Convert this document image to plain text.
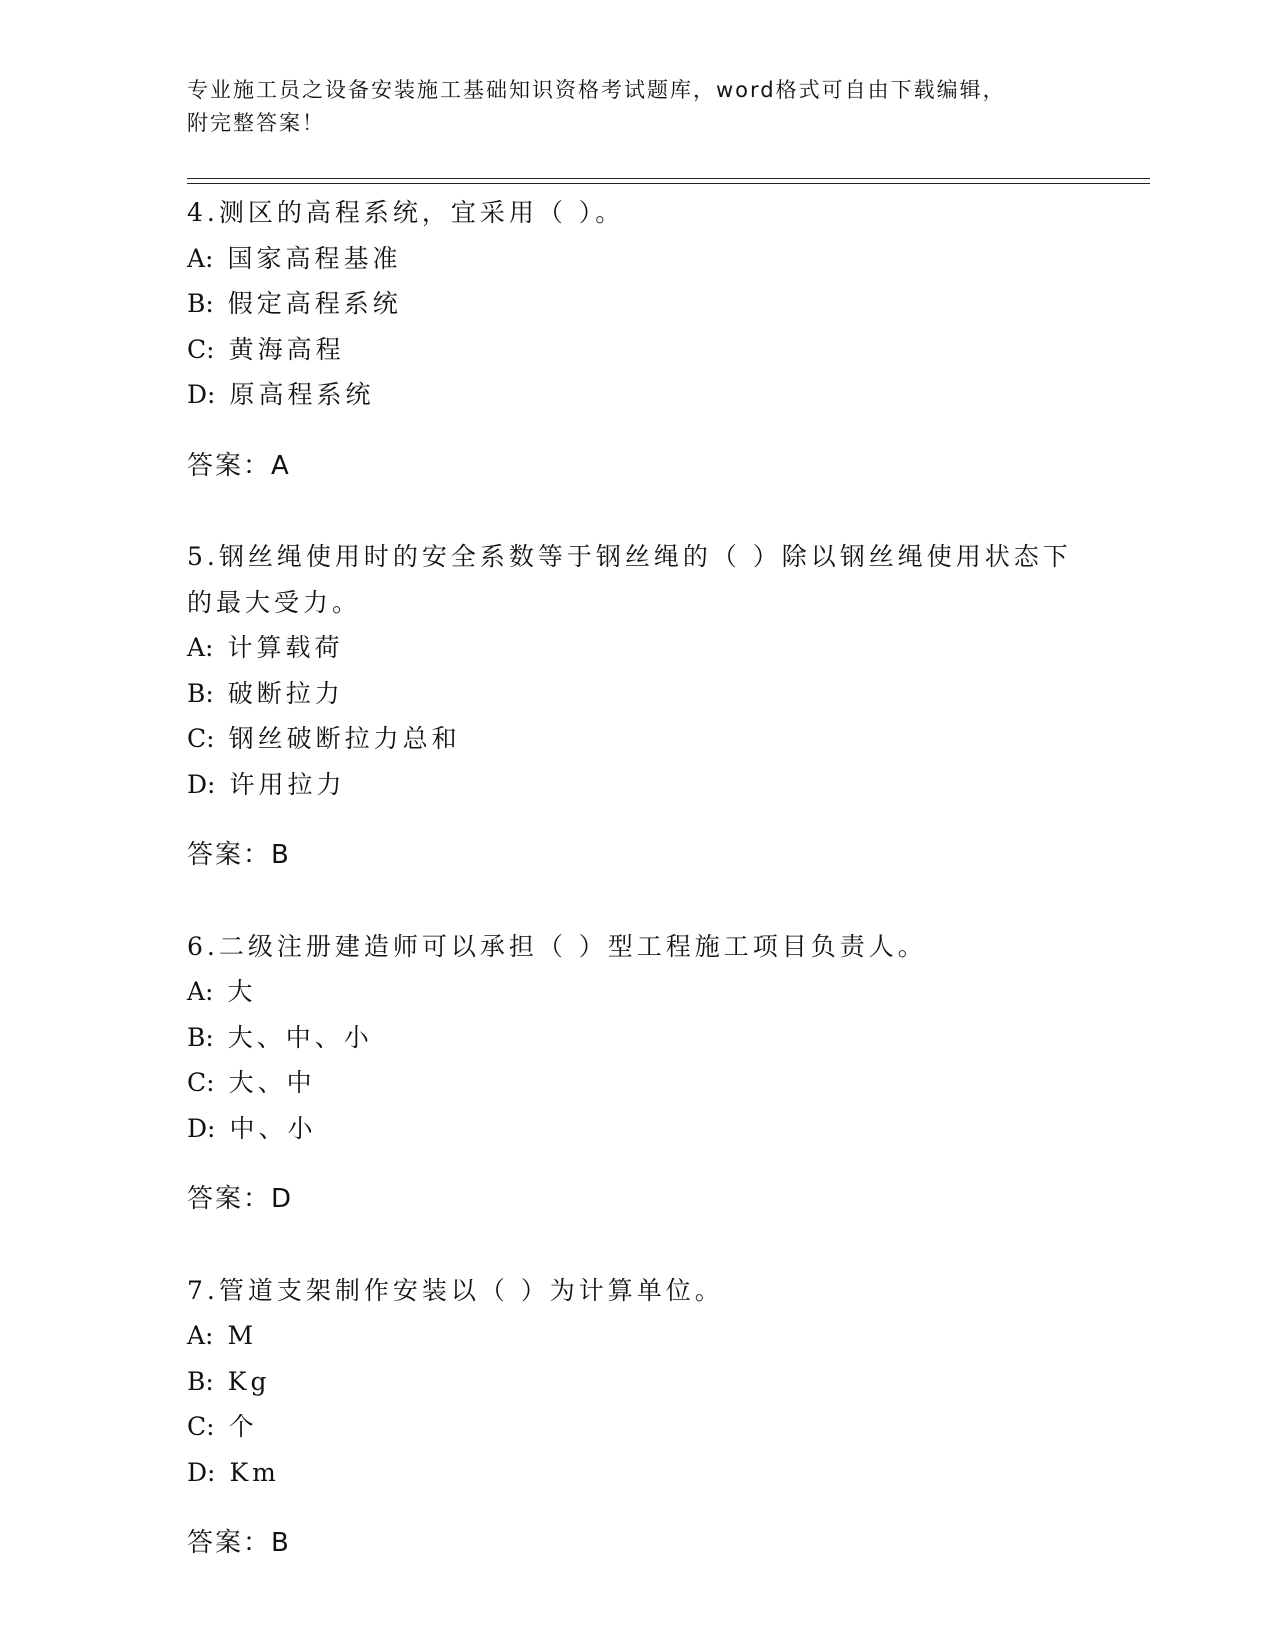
专业施工员之设备安装施工基础知识资格考试题库，word格式可自由下载编辑，
附完整答案！

4.测区的高程系统，宜采用（ ）。

A: 国家高程基准

B: 假定高程系统

C: 黄海高程

D: 原高程系统

答案：A

5.钢丝绳使用时的安全系数等于钢丝绳的（ ）除以钢丝绳使用状态下的最大受力。

A: 计算载荷

B: 破断拉力

C: 钢丝破断拉力总和

D: 许用拉力

答案：B

6.二级注册建造师可以承担（ ）型工程施工项目负责人。

A: 大

B: 大、中、小

C: 大、中

D: 中、小

答案：D

7.管道支架制作安装以（ ）为计算单位。

A: M

B: Kg

C: 个

D: Km

答案：B
